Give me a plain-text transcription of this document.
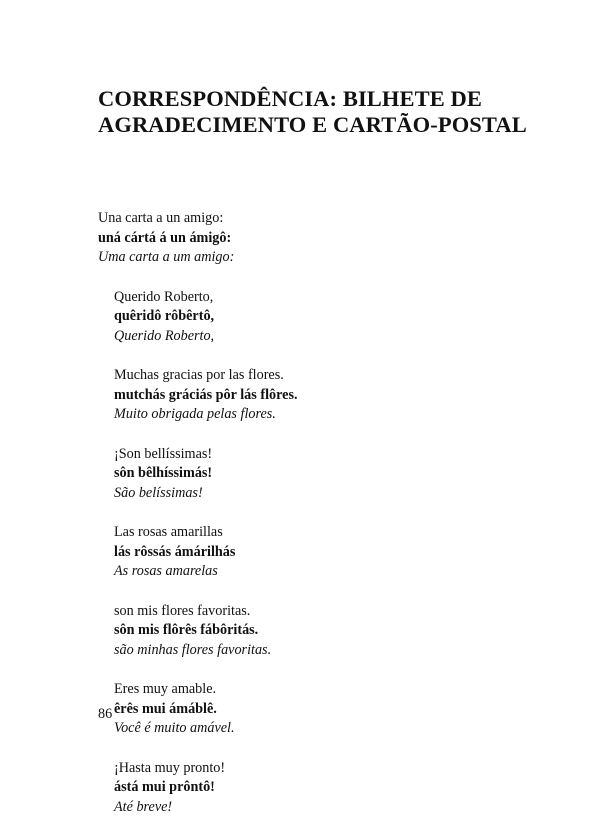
CORRESPONDÊNCIA: BILHETE DE
AGRADECIMENTO E CARTÃO-POSTAL
Una carta a un amigo:
uná cártá á un ámigô:
Uma carta a um amigo:
Querido Roberto,
quêridô rôbêrtô,
Querido Roberto,
Muchas gracias por las flores.
mutchás gráciás pôr lás flôres.
Muito obrigada pelas flores.
¡Son bellíssimas!
sôn bêlhíssimás!
São belíssimas!
Las rosas amarillas
lás rôssás ámárilhás
As rosas amarelas
son mis flores favoritas.
sôn mis flôrês fábôritás.
são minhas flores favoritas.
Eres muy amable.
êrês mui ámáblê.
Você é muito amável.
¡Hasta muy pronto!
ástá mui prôntô!
Até breve!
86
